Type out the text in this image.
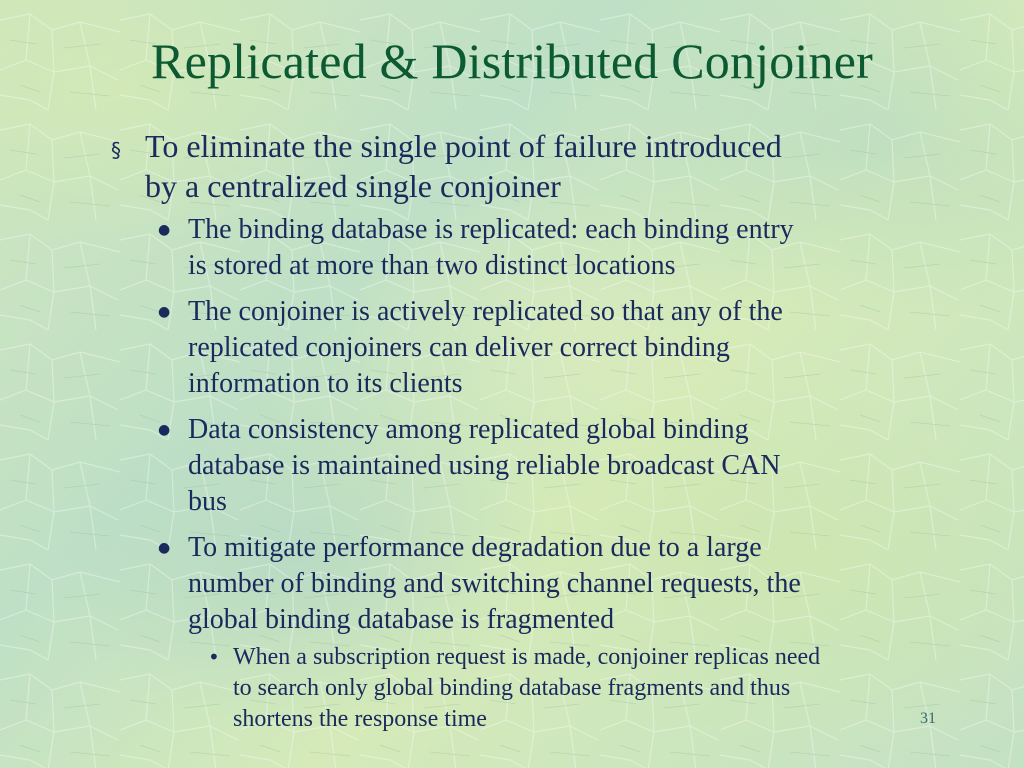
Replicated & Distributed Conjoiner
§ To eliminate the single point of failure introduced
by a centralized single conjoiner
● The binding database is replicated: each binding entry
is stored at more than two distinct locations
● The conjoiner is actively replicated so that any of the
replicated conjoiners can deliver correct binding
information to its clients
● Data consistency among replicated global binding
database is maintained using reliable broadcast CAN
bus
● To mitigate performance degradation due to a large
number of binding and switching channel requests, the
global binding database is fragmented
• When a subscription request is made, conjoiner replicas need
to search only global binding database fragments and thus
shortens the response time	31
